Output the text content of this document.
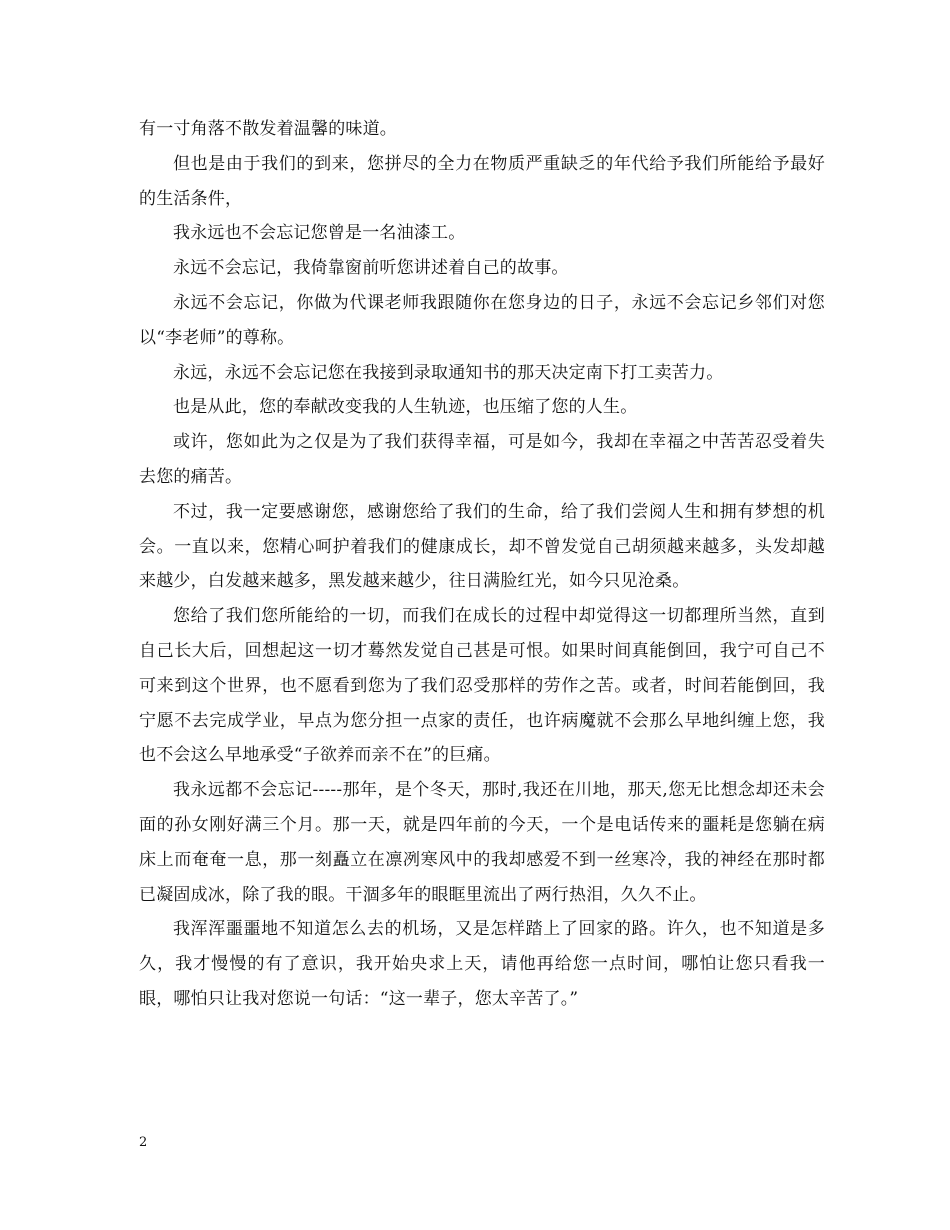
有一寸角落不散发着温馨的味道。

但也是由于我们的到来，您拼尽的全力在物质严重缺乏的年代给予我们所能给予最好的生活条件，

我永远也不会忘记您曾是一名油漆工。

永远不会忘记，我倚靠窗前听您讲述着自己的故事。

永远不会忘记，你做为代课老师我跟随你在您身边的日子，永远不会忘记乡邻们对您以“李老师”的尊称。

永远，永远不会忘记您在我接到录取通知书的那天决定南下打工卖苦力。

也是从此，您的奉献改变我的人生轨迹，也压缩了您的人生。

或许，您如此为之仅是为了我们获得幸福，可是如今，我却在幸福之中苦苦忍受着失去您的痛苦。

不过，我一定要感谢您，感谢您给了我们的生命，给了我们尝阅人生和拥有梦想的机会。一直以来，您精心呵护着我们的健康成长，却不曾发觉自己胡须越来越多，头发却越来越少，白发越来越多，黑发越来越少，往日满脸红光，如今只见沧桑。

您给了我们您所能给的一切，而我们在成长的过程中却觉得这一切都理所当然，直到自己长大后，回想起这一切才蓦然发觉自己甚是可恨。如果时间真能倒回，我宁可自己不可来到这个世界，也不愿看到您为了我们忍受那样的劳作之苦。或者，时间若能倒回，我宁愿不去完成学业，早点为您分担一点家的责任，也许病魔就不会那么早地纠缠上您，我也不会这么早地承受“子欲养而亲不在”的巨痛。

我永远都不会忘记-----那年，是个冬天，那时,我还在川地，那天,您无比想念却还未会面的孙女刚好满三个月。那一天，就是四年前的今天，一个是电话传来的噩耗是您躺在病床上而奄奄一息，那一刻矗立在凛冽寒风中的我却感爱不到一丝寒冷，我的神经在那时都已凝固成冰，除了我的眼。干涸多年的眼眶里流出了两行热泪，久久不止。

我浑浑噩噩地不知道怎么去的机场，又是怎样踏上了回家的路。许久，也不知道是多久，我才慢慢的有了意识，我开始央求上天，请他再给您一点时间，哪怕让您只看我一眼，哪怕只让我对您说一句话：“这一辈子，您太辛苦了。”

2
